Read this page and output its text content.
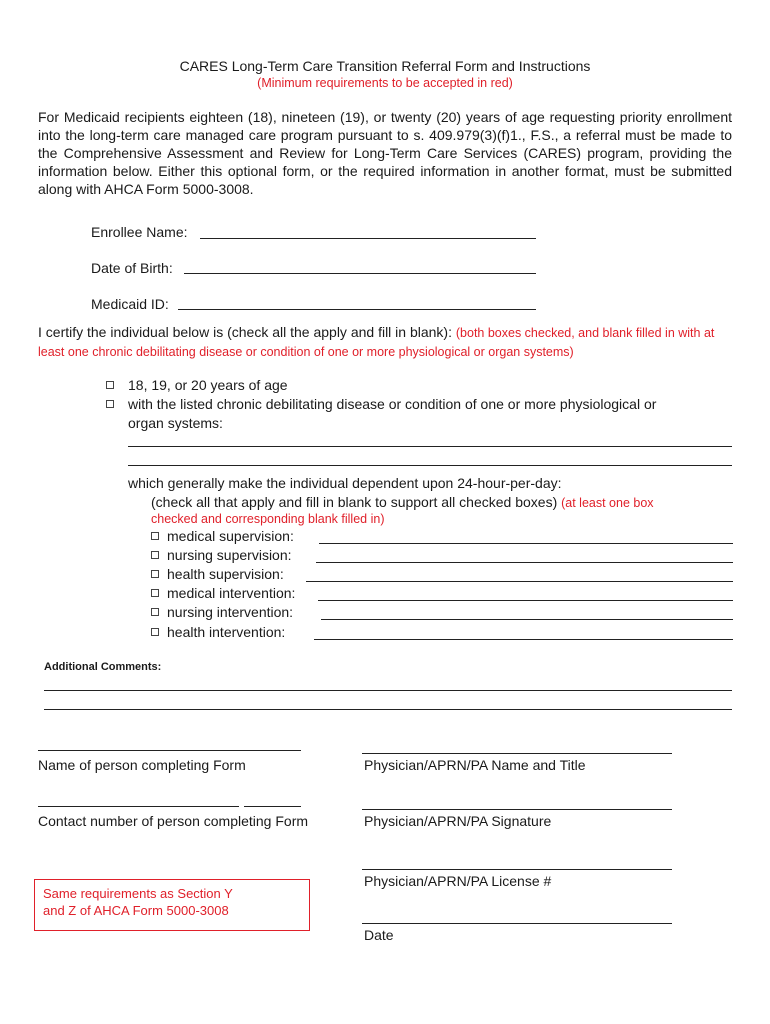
CARES Long-Term Care Transition Referral Form and Instructions
(Minimum requirements to be accepted in red)
For Medicaid recipients eighteen (18), nineteen (19), or twenty (20) years of age requesting priority enrollment into the long-term care managed care program pursuant to s. 409.979(3)(f)1., F.S., a referral must be made to the Comprehensive Assessment and Review for Long-Term Care Services (CARES) program, providing the information below. Either this optional form, or the required information in another format, must be submitted along with AHCA Form 5000-3008.
Enrollee Name:
Date of Birth:
Medicaid ID:
I certify the individual below is (check all the apply and fill in blank): (both boxes checked, and blank filled in with at least one chronic debilitating disease or condition of one or more physiological or organ systems)
18, 19, or 20 years of age
with the listed chronic debilitating disease or condition of one or more physiological or
organ systems:
which generally make the individual dependent upon 24-hour-per-day:
(check all that apply and fill in blank to support all checked boxes) (at least one box
checked and corresponding blank filled in)
medical supervision:
nursing supervision:
health supervision:
medical intervention:
nursing intervention:
health intervention:
Additional Comments:
Name of person completing Form
Contact number of person completing Form
Physician/APRN/PA Name and Title
Physician/APRN/PA Signature
Physician/APRN/PA License #
Date
Same requirements as Section Y
and Z of AHCA Form 5000-3008
